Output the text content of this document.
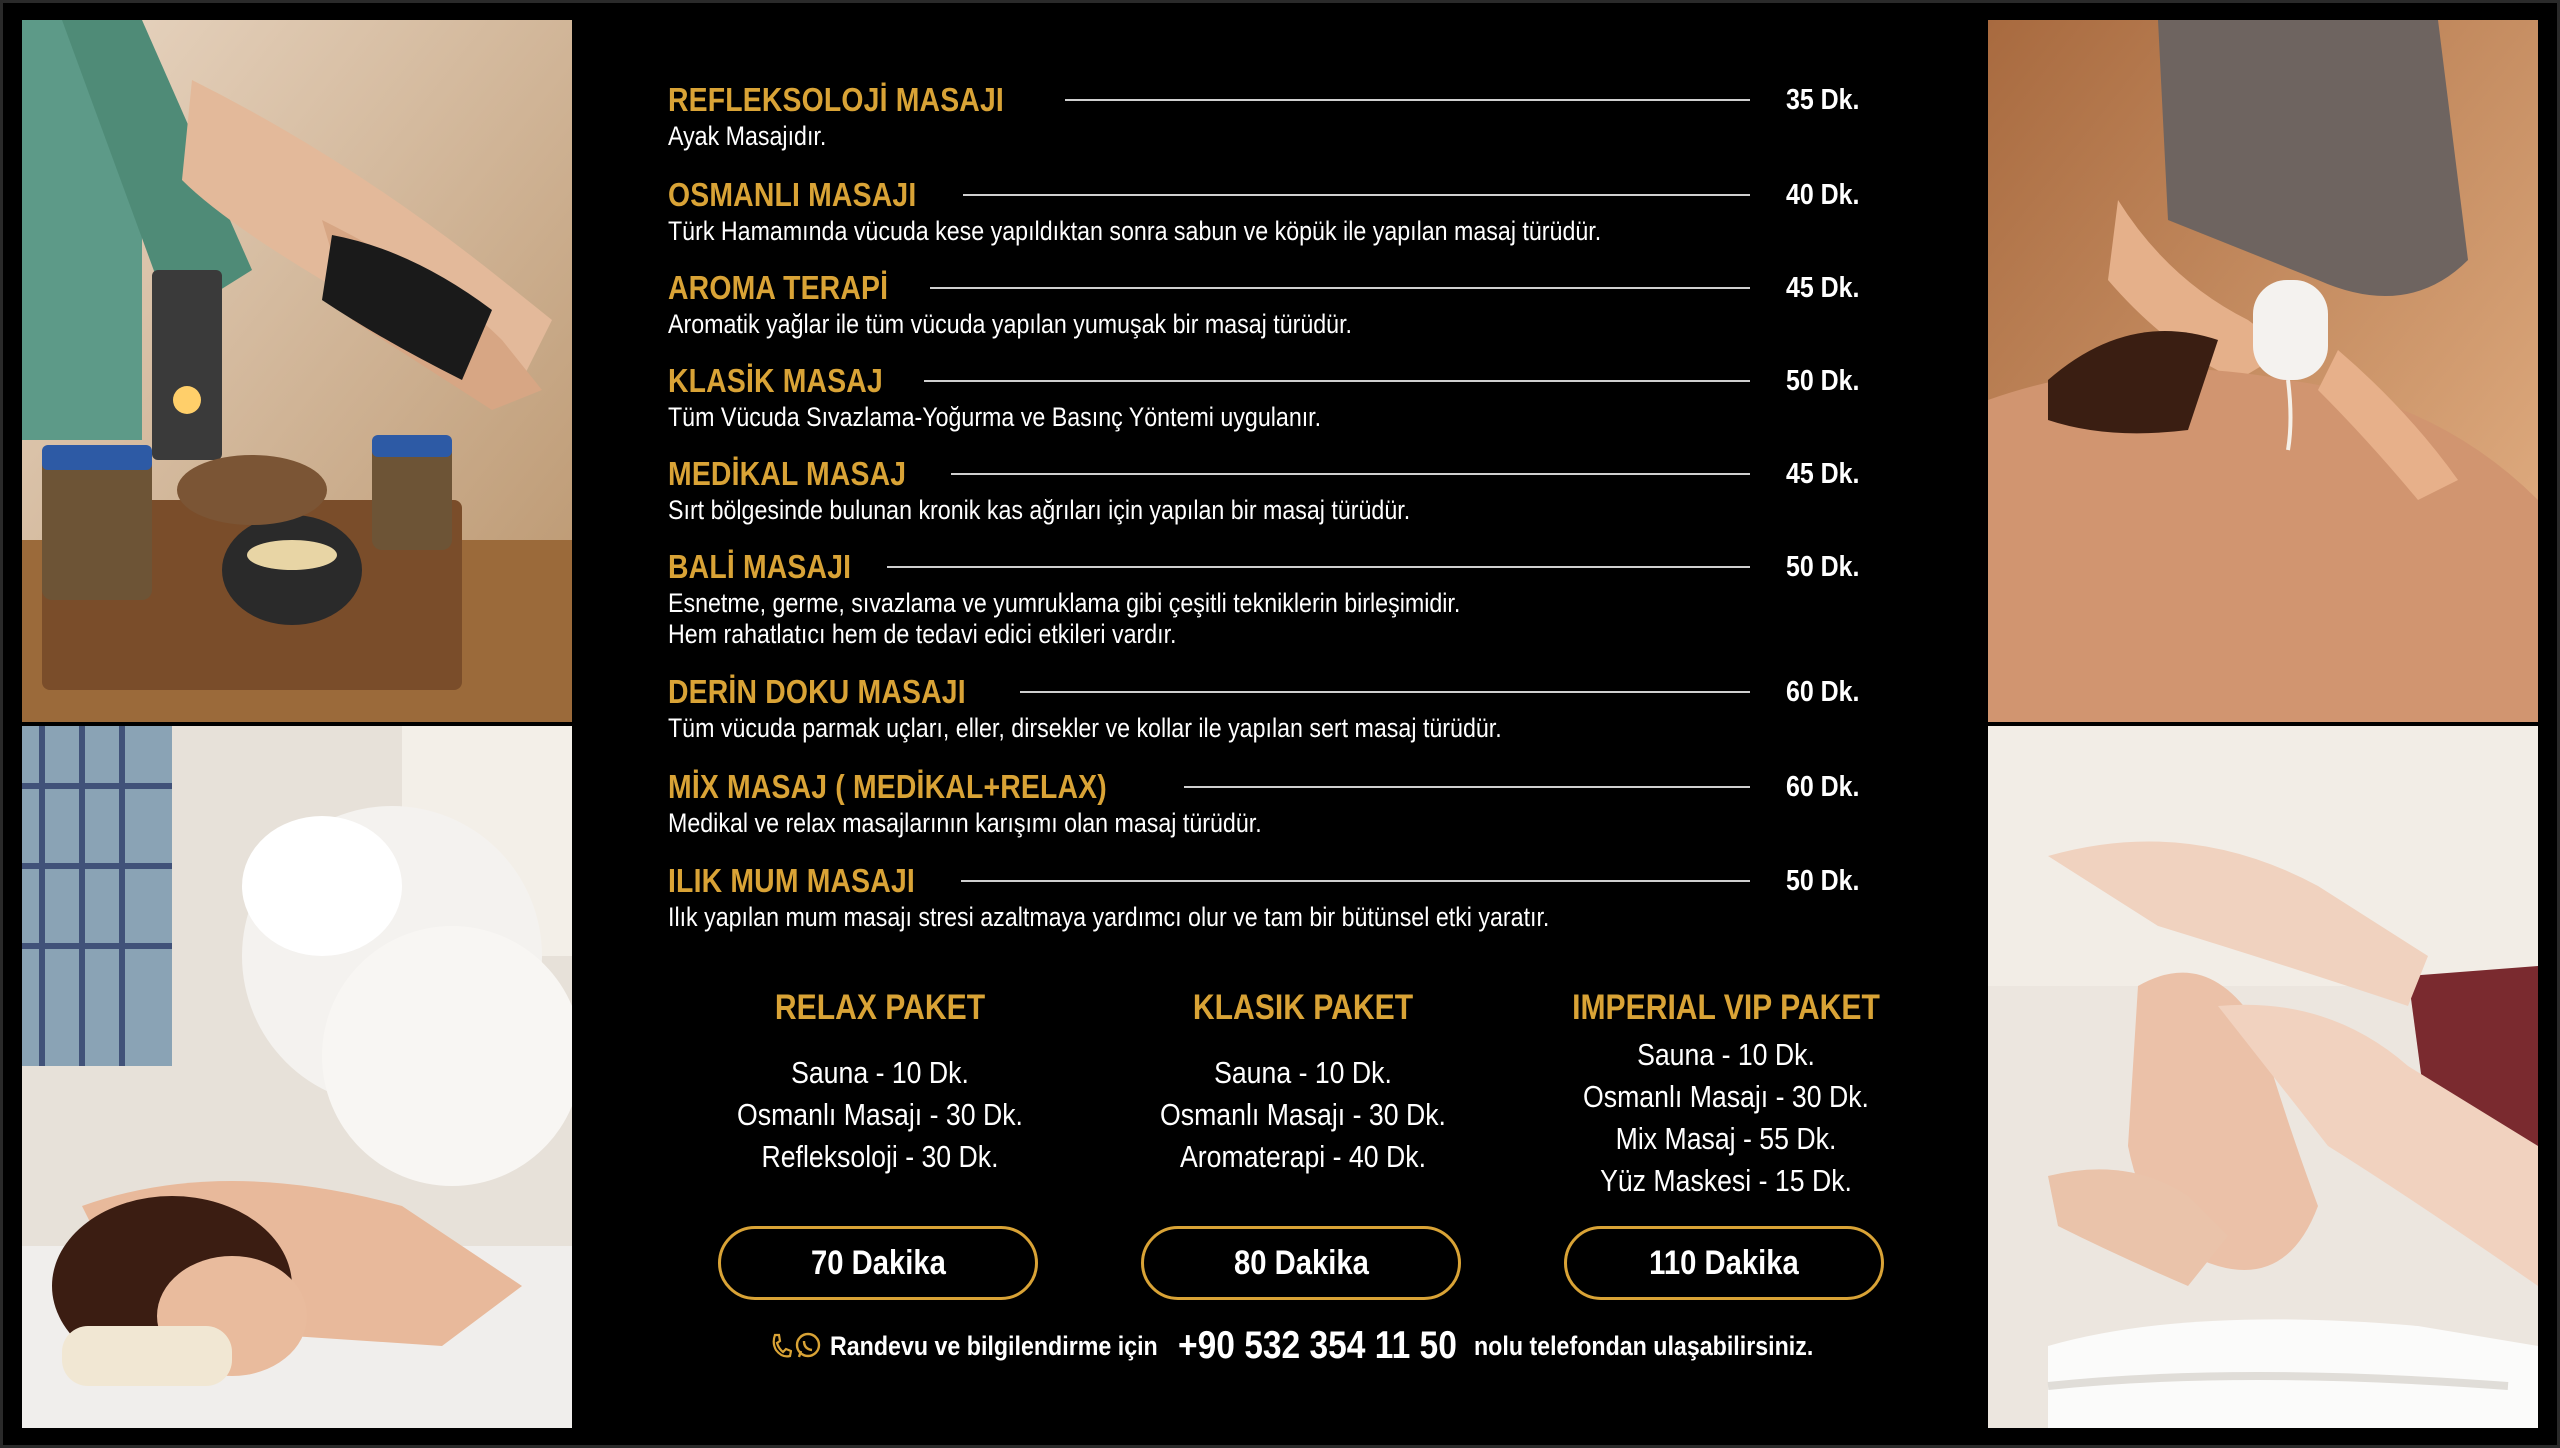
REFLEKSOLOJİ MASAJI	35 Dk.
Ayak Masajıdır.
OSMANLI MASAJI	40 Dk.
Türk Hamamında vücuda kese yapıldıktan sonra sabun ve köpük ile yapılan masaj türüdür.
AROMA TERAPİ	45 Dk.
Aromatik yağlar ile tüm vücuda yapılan yumuşak bir masaj türüdür.
KLASİK MASAJ	50 Dk.
Tüm Vücuda Sıvazlama-Yoğurma ve Basınç Yöntemi uygulanır.
MEDİKAL MASAJ	45 Dk.
Sırt bölgesinde bulunan kronik kas ağrıları için yapılan bir masaj türüdür.
BALİ MASAJI	50 Dk.
Esnetme, germe, sıvazlama ve yumruklama gibi çeşitli tekniklerin birleşimidir.
Hem rahatlatıcı hem de tedavi edici etkileri vardır.
DERİN DOKU MASAJI	60 Dk.
Tüm vücuda parmak uçları, eller, dirsekler ve kollar ile yapılan sert masaj türüdür.
MİX MASAJ ( MEDİKAL+RELAX)	60 Dk.
Medikal ve relax masajlarının karışımı olan masaj türüdür.
ILIK MUM MASAJI	50 Dk.
Ilık yapılan mum masajı stresi azaltmaya yardımcı olur ve tam bir bütünsel etki yaratır.
RELAX PAKET
Sauna - 10 Dk.
Osmanlı Masajı - 30 Dk.
Refleksoloji - 30 Dk.
70 Dakika
KLASIK PAKET
Sauna - 10 Dk.
Osmanlı Masajı - 30 Dk.
Aromaterapi - 40 Dk.
80 Dakika
IMPERIAL VIP PAKET
Sauna - 10 Dk.
Osmanlı Masajı - 30 Dk.
Mix Masaj - 55 Dk.
Yüz Maskesi - 15 Dk.
110 Dakika
Randevu ve bilgilendirme için +90 532 354 11 50 nolu telefondan ulaşabilirsiniz.
